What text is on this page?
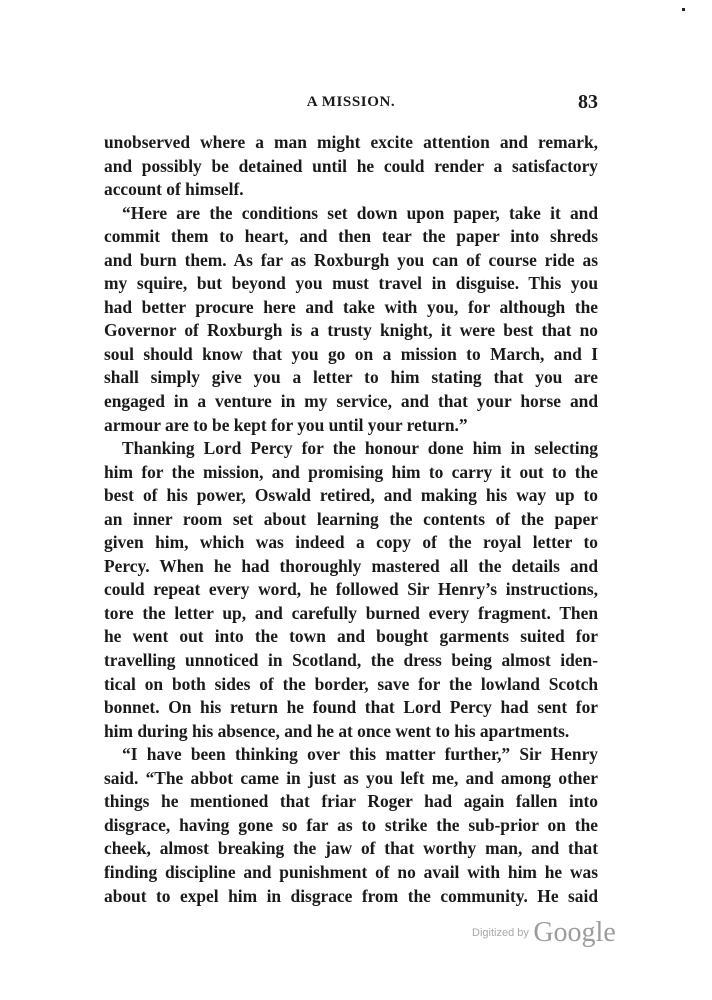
A MISSION.	83
unobserved where a man might excite attention and remark,
and possibly be detained until he could render a satisfactory
account of himself.
“Here are the conditions set down upon paper, take it and
commit them to heart, and then tear the paper into shreds
and burn them. As far as Roxburgh you can of course ride as
my squire, but beyond you must travel in disguise. This you
had better procure here and take with you, for although the
Governor of Roxburgh is a trusty knight, it were best that no
soul should know that you go on a mission to March, and I
shall simply give you a letter to him stating that you are
engaged in a venture in my service, and that your horse and
armour are to be kept for you until your return.”
Thanking Lord Percy for the honour done him in selecting
him for the mission, and promising him to carry it out to the
best of his power, Oswald retired, and making his way up to
an inner room set about learning the contents of the paper
given him, which was indeed a copy of the royal letter to
Percy. When he had thoroughly mastered all the details and
could repeat every word, he followed Sir Henry’s instructions,
tore the letter up, and carefully burned every fragment. Then
he went out into the town and bought garments suited for
travelling unnoticed in Scotland, the dress being almost iden-
tical on both sides of the border, save for the lowland Scotch
bonnet. On his return he found that Lord Percy had sent for
him during his absence, and he at once went to his apartments.
“I have been thinking over this matter further,” Sir Henry
said. “The abbot came in just as you left me, and among other
things he mentioned that friar Roger had again fallen into
disgrace, having gone so far as to strike the sub-prior on the
cheek, almost breaking the jaw of that worthy man, and that
finding discipline and punishment of no avail with him he was
about to expel him in disgrace from the community. He said
Digitized by Google
